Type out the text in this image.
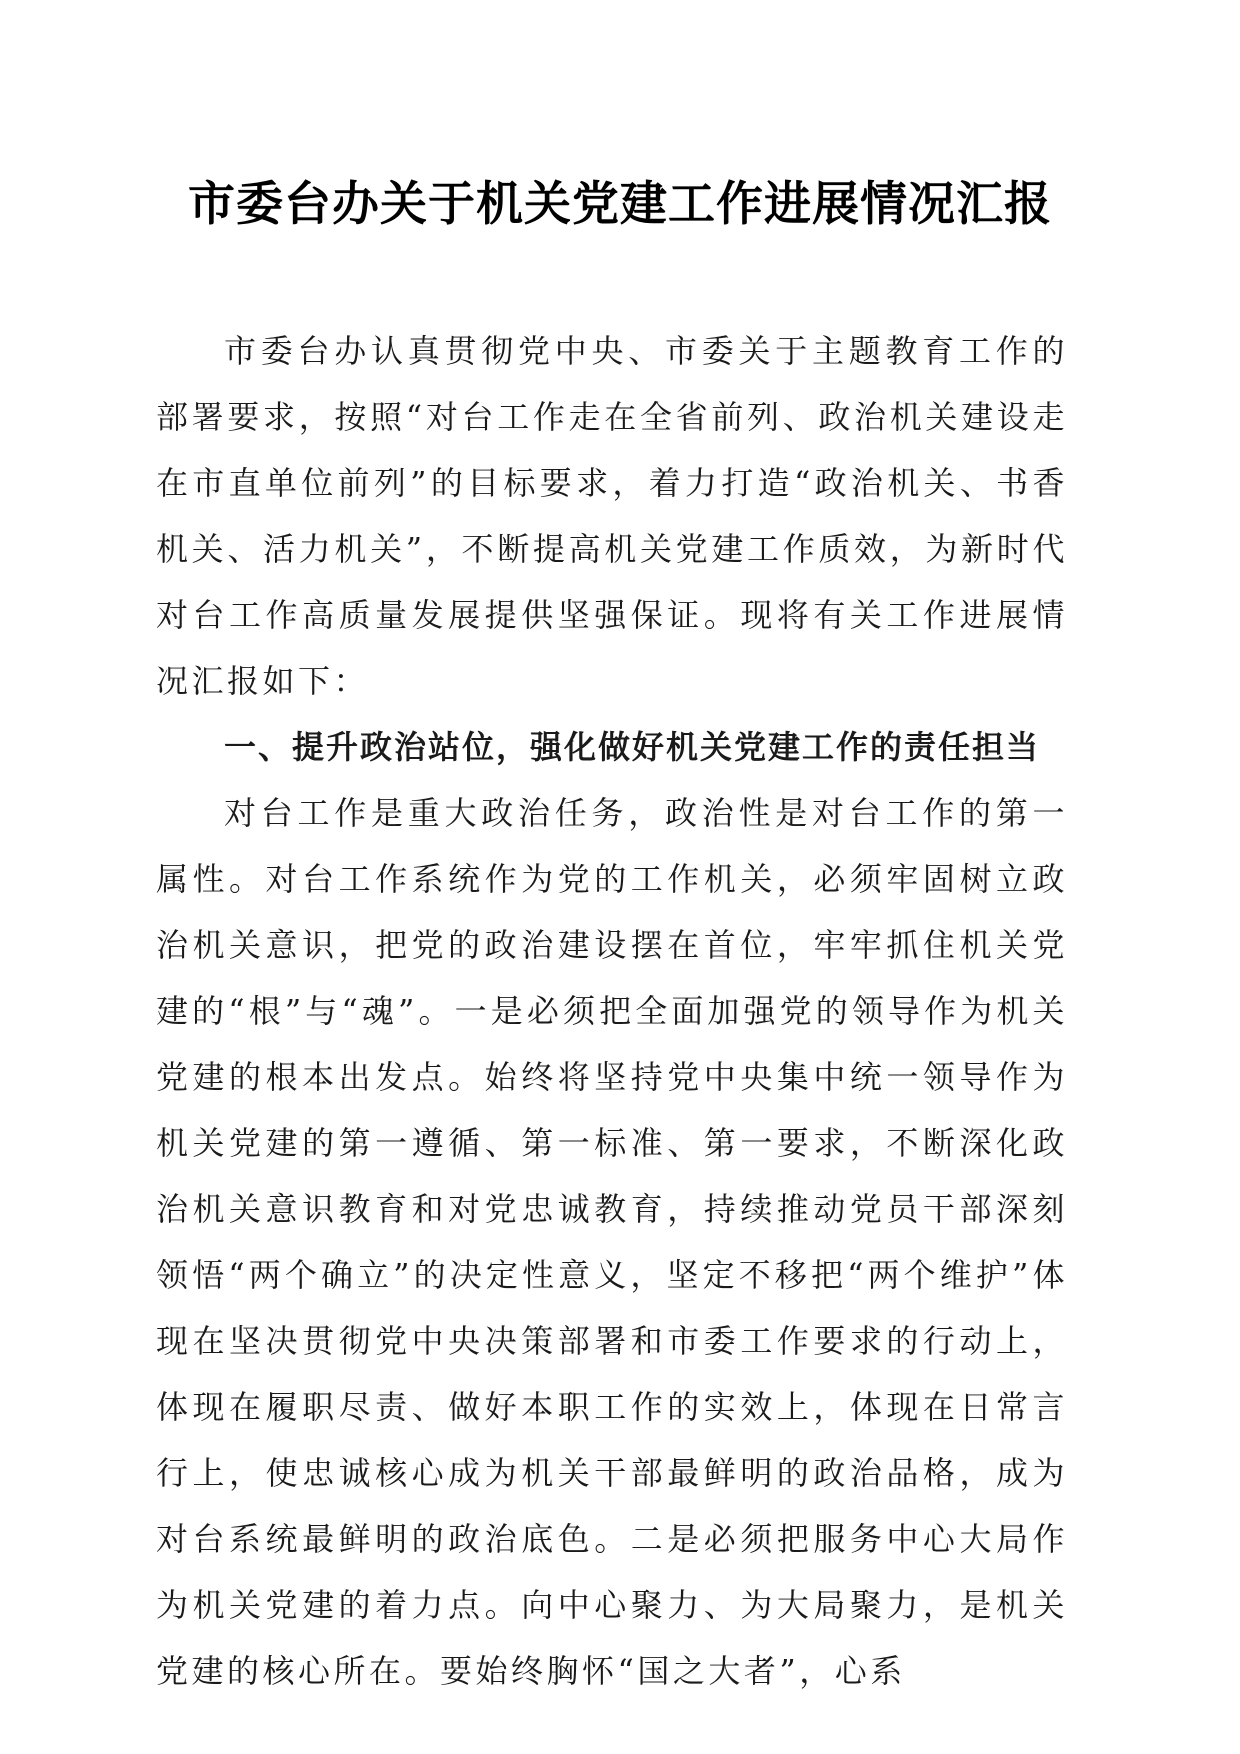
市委台办关于机关党建工作进展情况汇报

市委台办认真贯彻党中央、市委关于主题教育工作的部署要求，按照“对台工作走在全省前列、政治机关建设走在市直单位前列”的目标要求，着力打造“政治机关、书香机关、活力机关”，不断提高机关党建工作质效，为新时代对台工作高质量发展提供坚强保证。现将有关工作进展情况汇报如下：

一、提升政治站位，强化做好机关党建工作的责任担当

对台工作是重大政治任务，政治性是对台工作的第一属性。对台工作系统作为党的工作机关，必须牢固树立政治机关意识，把党的政治建设摆在首位，牢牢抓住机关党建的“根”与“魂”。一是必须把全面加强党的领导作为机关党建的根本出发点。始终将坚持党中央集中统一领导作为机关党建的第一遵循、第一标准、第一要求，不断深化政治机关意识教育和对党忠诚教育，持续推动党员干部深刻领悟“两个确立”的决定性意义，坚定不移把“两个维护”体现在坚决贯彻党中央决策部署和市委工作要求的行动上，体现在履职尽责、做好本职工作的实效上，体现在日常言行上，使忠诚核心成为机关干部最鲜明的政治品格，成为对台系统最鲜明的政治底色。二是必须把服务中心大局作为机关党建的着力点。向中心聚力、为大局聚力，是机关党建的核心所在。要始终胸怀“国之大者”，心系
